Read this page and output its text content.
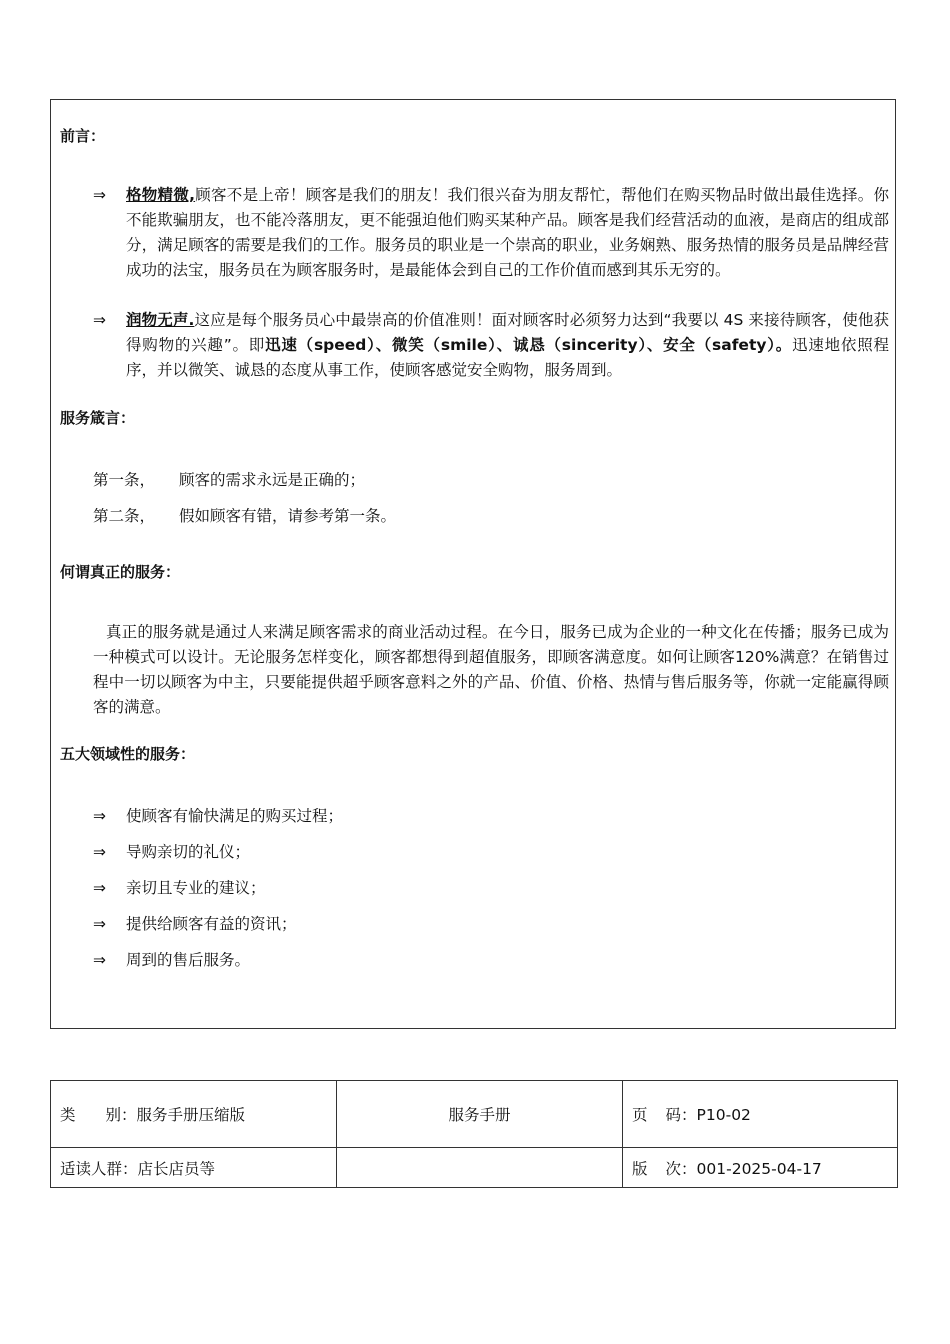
前言：
⇒ 格物精微,顾客不是上帝！顾客是我们的朋友！我们很兴奋为朋友帮忙，帮他们在购买物品时做出最佳选择。你不能欺骗朋友，也不能冷落朋友，更不能强迫他们购买某种产品。顾客是我们经营活动的血液，是商店的组成部分，满足顾客的需要是我们的工作。服务员的职业是一个崇高的职业，业务娴熟、服务热情的服务员是品牌经营成功的法宝，服务员在为顾客服务时，是最能体会到自己的工作价值而感到其乐无穷的。
⇒ 润物无声.这应是每个服务员心中最崇高的价值准则！面对顾客时必须努力达到“我要以 4S 来接待顾客，使他获得购物的兴趣”。即迅速（speed）、微笑（smile）、诚恳（sincerity）、安全（safety）。迅速地依照程序，并以微笑、诚恳的态度从事工作，使顾客感觉安全购物，服务周到。
服务箴言：
第一条， 顾客的需求永远是正确的；
第二条， 假如顾客有错，请参考第一条。
何谓真正的服务：
真正的服务就是通过人来满足顾客需求的商业活动过程。在今日，服务已成为企业的一种文化在传播；服务已成为一种模式可以设计。无论服务怎样变化，顾客都想得到超值服务，即顾客满意度。如何让顾客120%满意？在销售过程中一切以顾客为中主，只要能提供超乎顾客意料之外的产品、价值、价格、热情与售后服务等，你就一定能赢得顾客的满意。
五大领域性的服务：
⇒ 使顾客有愉快满足的购买过程；
⇒ 导购亲切的礼仪；
⇒ 亲切且专业的建议；
⇒ 提供给顾客有益的资讯；
⇒ 周到的售后服务。
类 别：服务手册压缩版	服务手册	页 码：P10-02
适读人群：店长店员等		版 次：001-2025-04-17
